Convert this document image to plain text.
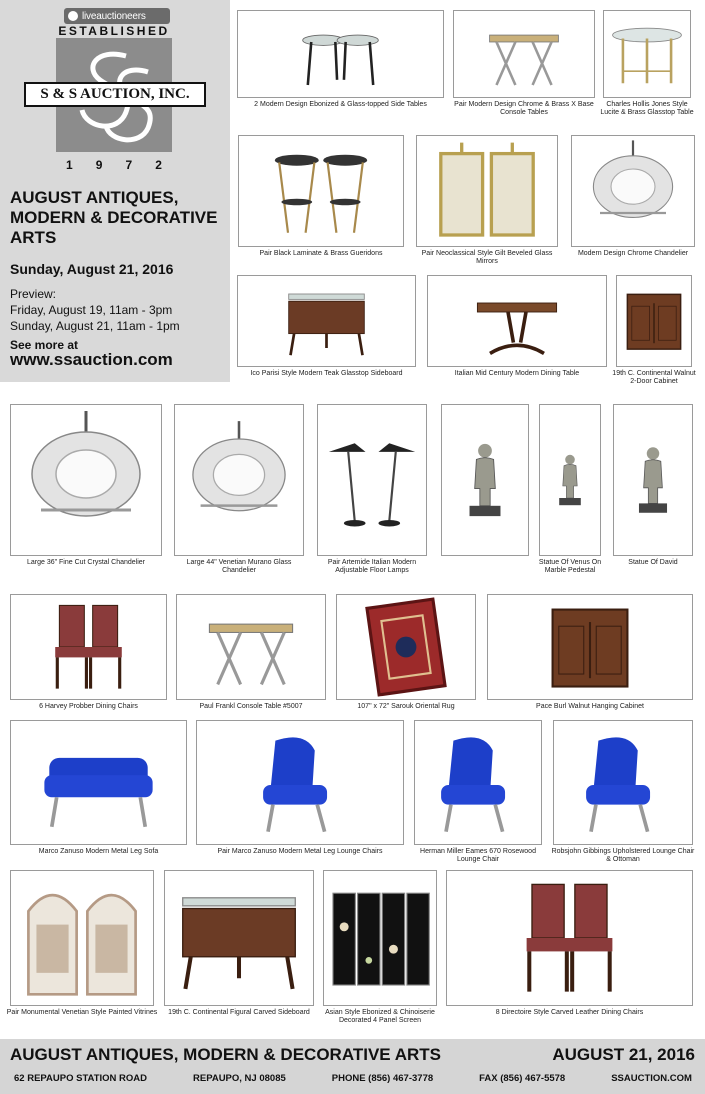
liveauctioneers
ESTABLISHED
S & S AUCTION, INC.
1 9 7 2
AUGUST ANTIQUES, MODERN & DECORATIVE ARTS
Sunday, August 21, 2016
Preview:
Friday, August 19, 11am - 3pm
Sunday, August 21, 11am - 1pm
See more at
www.ssauction.com
2 Modern Design Ebonized & Glass-topped Side Tables	Pair Modern Design Chrome & Brass X Base Console Tables
Charles Hollis Jones Style Lucite & Brass Glasstop Table
Pair Black Laminate & Brass Gueridons	Pair Neoclassical Style Gilt Beveled Glass Mirrors
Modern Design Chrome Chandelier
Ico Parisi Style Modern Teak Glasstop Sideboard	Italian Mid Century Modern Dining Table	19th C. Continental Walnut 2-Door Cabinet
Large 36" Fine Cut Crystal Chandelier	Large 44" Venetian Murano Glass Chandelier
Pair Artemide Italian Modern Adjustable Floor Lamps
Statue Of Venus On Marble Pedestal
Statue Of David
6 Harvey Probber Dining Chairs	Paul Frankl Console Table #5007	107" x 72" Sarouk Oriental Rug	Pace Burl Walnut Hanging Cabinet
Marco Zanuso Modern Metal Leg Sofa	Pair Marco Zanuso Modern Metal Leg Lounge Chairs	Herman Miller Eames 670 Rosewood Lounge Chair
Robsjohn Gibbings Upholstered Lounge Chair & Ottoman
Pair Monumental Venetian Style Painted Vitrines	19th C. Continental Figural Carved Sideboard	Asian Style Ebonized & Chinoiserie Decorated 4 Panel Screen
8 Directoire Style Carved Leather Dining Chairs
AUGUST ANTIQUES, MODERN & DECORATIVE ARTS	AUGUST 21, 2016
62 REPAUPO STATION ROAD	REPAUPO, NJ 08085	PHONE (856) 467-3778	FAX (856) 467-5578	SSAUCTION.COM
